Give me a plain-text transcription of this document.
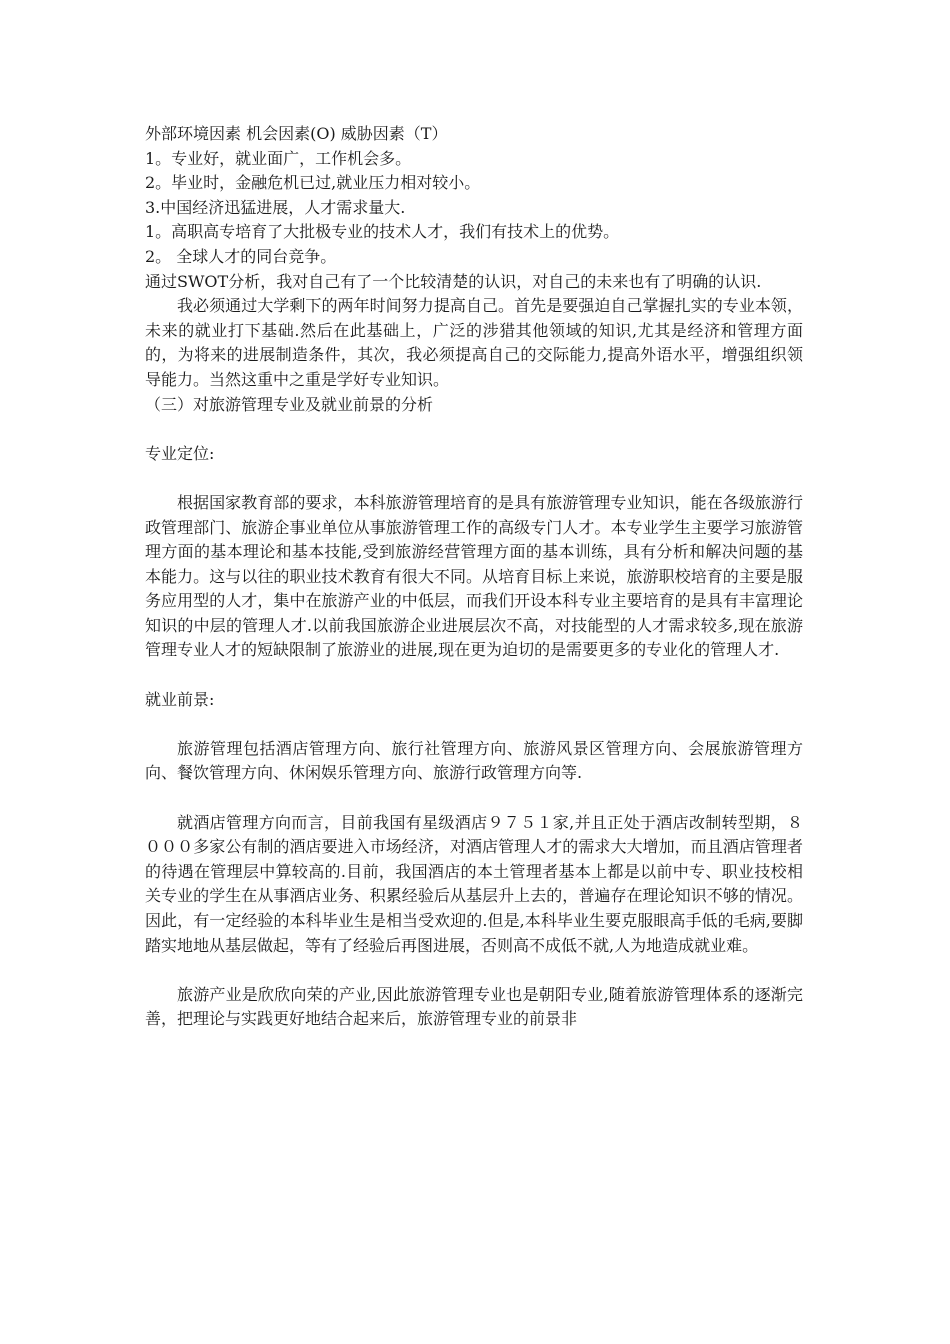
外部环境因素 机会因素(O) 威胁因素（T）

1。专业好，就业面广，工作机会多。

2。毕业时，金融危机已过,就业压力相对较小。

3.中国经济迅猛进展，人才需求量大.

1。高职高专培育了大批极专业的技术人才，我们有技术上的优势。

2。 全球人才的同台竞争。

通过SWOT分析，我对自己有了一个比较清楚的认识，对自己的未来也有了明确的认识.

我必须通过大学剩下的两年时间努力提高自己。首先是要强迫自己掌握扎实的专业本领，未来的就业打下基础.然后在此基础上，广泛的涉猎其他领域的知识,尤其是经济和管理方面的，为将来的进展制造条件，其次，我必须提高自己的交际能力,提高外语水平，增强组织领导能力。当然这重中之重是学好专业知识。

（三）对旅游管理专业及就业前景的分析

专业定位:

根据国家教育部的要求，本科旅游管理培育的是具有旅游管理专业知识，能在各级旅游行政管理部门、旅游企事业单位从事旅游管理工作的高级专门人才。本专业学生主要学习旅游管理方面的基本理论和基本技能,受到旅游经营管理方面的基本训练，具有分析和解决问题的基本能力。这与以往的职业技术教育有很大不同。从培育目标上来说，旅游职校培育的主要是服务应用型的人才，集中在旅游产业的中低层，而我们开设本科专业主要培育的是具有丰富理论知识的中层的管理人才.以前我国旅游企业进展层次不高，对技能型的人才需求较多,现在旅游管理专业人才的短缺限制了旅游业的进展,现在更为迫切的是需要更多的专业化的管理人才.

就业前景:

旅游管理包括酒店管理方向、旅行社管理方向、旅游风景区管理方向、会展旅游管理方向、餐饮管理方向、休闲娱乐管理方向、旅游行政管理方向等.

就酒店管理方向而言，目前我国有星级酒店９７５１家,并且正处于酒店改制转型期，８０００多家公有制的酒店要进入市场经济，对酒店管理人才的需求大大增加，而且酒店管理者的待遇在管理层中算较高的.目前，我国酒店的本土管理者基本上都是以前中专、职业技校相关专业的学生在从事酒店业务、积累经验后从基层升上去的，普遍存在理论知识不够的情况。因此，有一定经验的本科毕业生是相当受欢迎的.但是,本科毕业生要克服眼高手低的毛病,要脚踏实地地从基层做起，等有了经验后再图进展，否则高不成低不就,人为地造成就业难。

旅游产业是欣欣向荣的产业,因此旅游管理专业也是朝阳专业,随着旅游管理体系的逐渐完善，把理论与实践更好地结合起来后，旅游管理专业的前景非
